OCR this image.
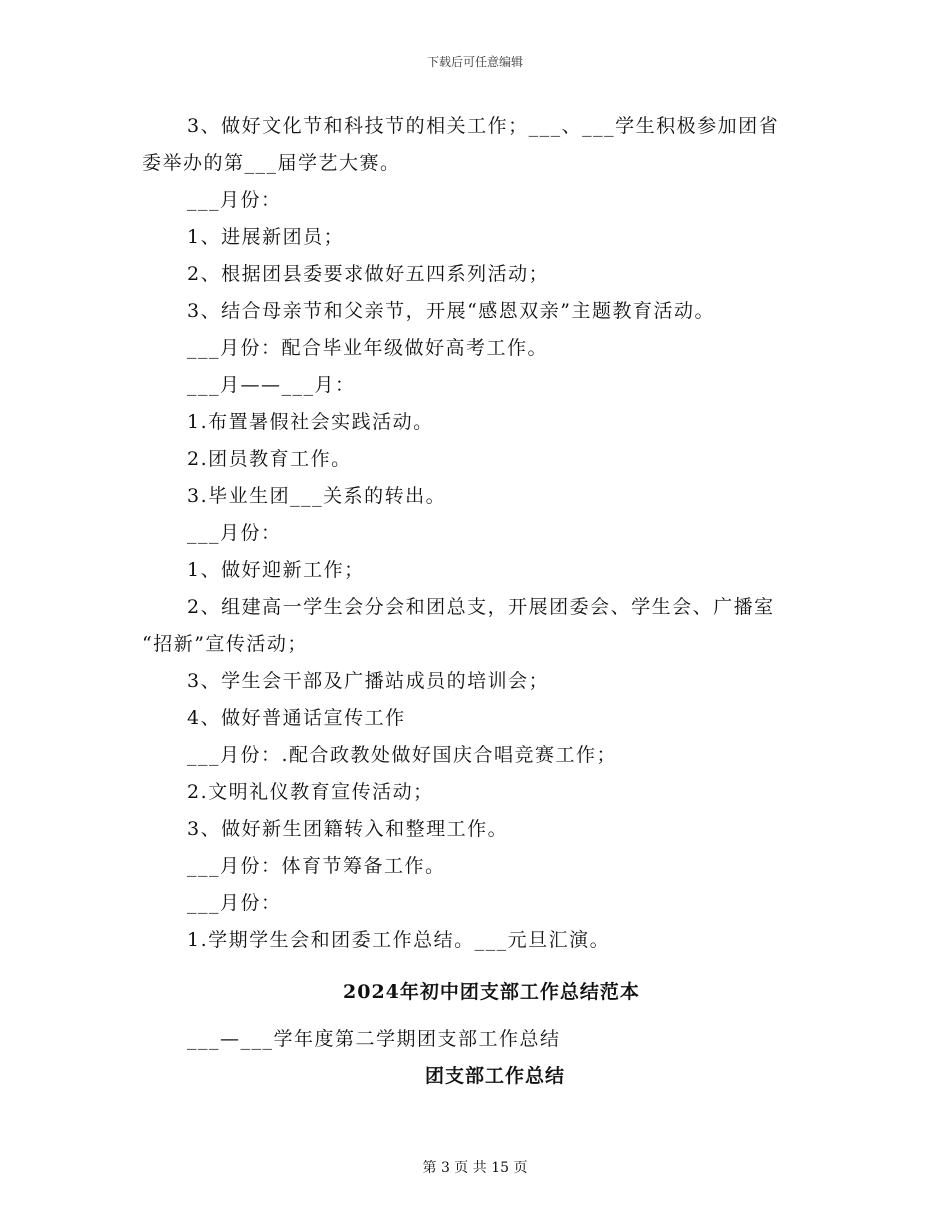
下载后可任意编辑
3、做好文化节和科技节的相关工作；___、___学生积极参加团省
委举办的第___届学艺大赛。
___月份：
1、进展新团员；
2、根据团县委要求做好五四系列活动；
3、结合母亲节和父亲节，开展“感恩双亲”主题教育活动。
___月份：配合毕业年级做好高考工作。
___月——___月：
1.布置暑假社会实践活动。
2.团员教育工作。
3.毕业生团___关系的转出。
___月份：
1、做好迎新工作；
2、组建高一学生会分会和团总支，开展团委会、学生会、广播室
“招新”宣传活动；
3、学生会干部及广播站成员的培训会；
4、做好普通话宣传工作
___月份：.配合政教处做好国庆合唱竞赛工作；
2.文明礼仪教育宣传活动；
3、做好新生团籍转入和整理工作。
___月份：体育节筹备工作。
___月份：
1.学期学生会和团委工作总结。___元旦汇演。
2024年初中团支部工作总结范本
___—___学年度第二学期团支部工作总结
团支部工作总结
第 3 页 共 15 页
